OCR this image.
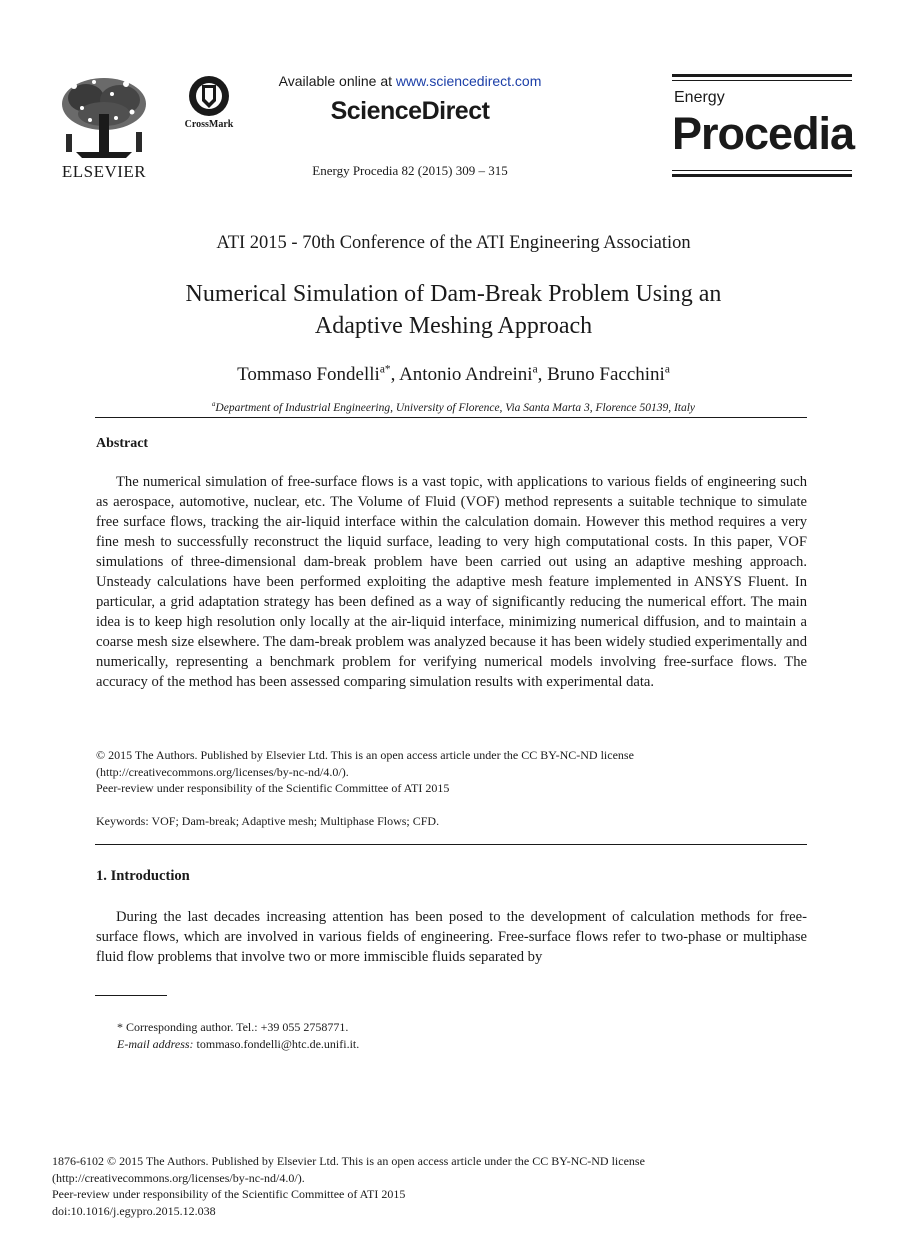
ELSEVIER
CrossMark
Available online at www.sciencedirect.com
ScienceDirect
Energy Procedia 82 (2015) 309 – 315
Energy
Procedia
ATI 2015 - 70th Conference of the ATI Engineering Association
Numerical Simulation of Dam-Break Problem Using an
Adaptive Meshing Approach
Tommaso Fondelli$^{a*}$, Antonio Andreini$^a$, Bruno Facchini$^a$
$^a$Department of Industrial Engineering, University of Florence, Via Santa Marta 3, Florence 50139, Italy
Abstract
The numerical simulation of free-surface flows is a vast topic, with applications to various fields of engineering such as aerospace, automotive, nuclear, etc. The Volume of Fluid (VOF) method represents a suitable technique to simulate free surface flows, tracking the air-liquid interface within the calculation domain. However this method requires a very fine mesh to successfully reconstruct the liquid surface, leading to very high computational costs. In this paper, VOF simulations of three-dimensional dam-break problem have been carried out using an adaptive meshing approach. Unsteady calculations have been performed exploiting the adaptive mesh feature implemented in ANSYS Fluent. In particular, a grid adaptation strategy has been defined as a way of significantly reducing the numerical effort. The main idea is to keep high resolution only locally at the air-liquid interface, minimizing numerical diffusion, and to maintain a coarse mesh size elsewhere. The dam-break problem was analyzed because it has been widely studied experimentally and numerically, representing a benchmark problem for verifying numerical models involving free-surface flows. The accuracy of the method has been assessed comparing simulation results with experimental data.
© 2015 The Authors. Published by Elsevier Ltd. This is an open access article under the CC BY-NC-ND license
(http://creativecommons.org/licenses/by-nc-nd/4.0/).
Peer-review under responsibility of the Scientific Committee of ATI 2015
Keywords: VOF; Dam-break; Adaptive mesh; Multiphase Flows; CFD.
1. Introduction
During the last decades increasing attention has been posed to the development of calculation methods for free-surface flows, which are involved in various fields of engineering. Free-surface flows refer to two-phase or multiphase fluid flow problems that involve two or more immiscible fluids separated by
* Corresponding author. Tel.: +39 055 2758771.
E-mail address: tommaso.fondelli@htc.de.unifi.it.
1876-6102 © 2015 The Authors. Published by Elsevier Ltd. This is an open access article under the CC BY-NC-ND license
(http://creativecommons.org/licenses/by-nc-nd/4.0/).
Peer-review under responsibility of the Scientific Committee of ATI 2015
doi:10.1016/j.egypro.2015.12.038
